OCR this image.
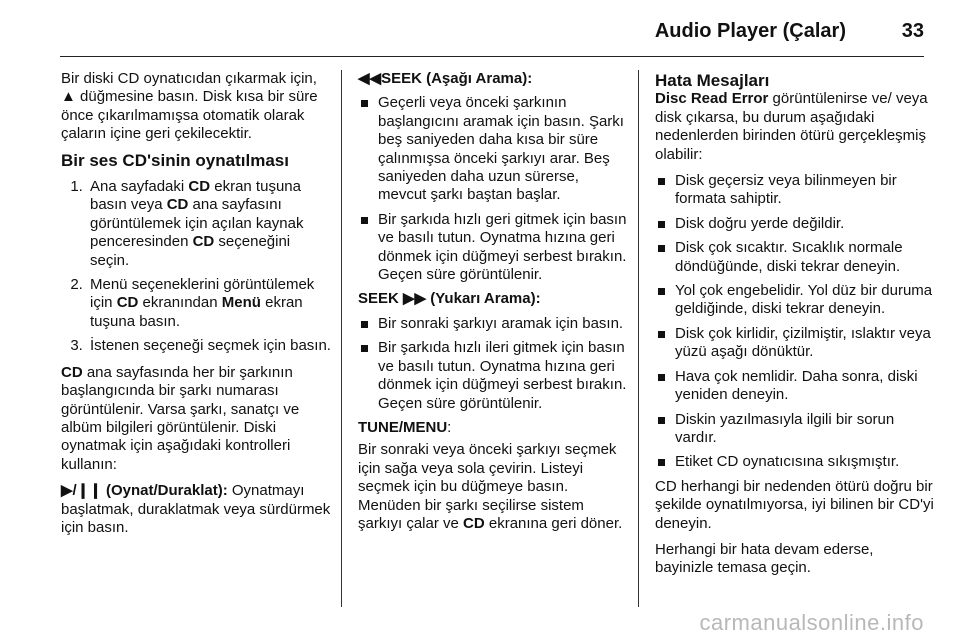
Audio Player (Çalar)	33

Bir diski CD oynatıcıdan çıkarmak için, ▲ düğmesine basın. Disk kısa bir süre önce çıkarılmamışsa otomatik olarak çaların içine geri çekilecektir.

Bir ses CD'sinin oynatılması
1. Ana sayfadaki CD ekran tuşuna basın veya CD ana sayfasını görüntülemek için açılan kaynak penceresinden CD seçeneğini seçin.
2. Menü seçeneklerini görüntülemek için CD ekranından Menü ekran tuşuna basın.
3. İstenen seçeneği seçmek için basın.

CD ana sayfasında her bir şarkının başlangıcında bir şarkı numarası görüntülenir. Varsa şarkı, sanatçı ve albüm bilgileri görüntülenir. Diski oynatmak için aşağıdaki kontrolleri kullanın:

▶/❙❙ (Oynat/Duraklat): Oynatmayı başlatmak, duraklatmak veya sürdürmek için basın.

◀◀SEEK (Aşağı Arama):
Geçerli veya önceki şarkının başlangıcını aramak için basın. Şarkı beş saniyeden daha kısa bir süre çalınmışsa önceki şarkıyı arar. Beş saniyeden daha uzun sürerse, mevcut şarkı baştan başlar.
Bir şarkıda hızlı geri gitmek için basın ve basılı tutun. Oynatma hızına geri dönmek için düğmeyi serbest bırakın. Geçen süre görüntülenir.
SEEK ▶▶ (Yukarı Arama):
Bir sonraki şarkıyı aramak için basın.
Bir şarkıda hızlı ileri gitmek için basın ve basılı tutun. Oynatma hızına geri dönmek için düğmeyi serbest bırakın. Geçen süre görüntülenir.

TUNE/MENU:

Bir sonraki veya önceki şarkıyı seçmek için sağa veya sola çevirin. Listeyi seçmek için bu düğmeye basın. Menüden bir şarkı seçilirse sistem şarkıyı çalar ve CD ekranına geri döner.

Hata Mesajları

Disc Read Error görüntülenirse ve/ veya disk çıkarsa, bu durum aşağıdaki nedenlerden birinden ötürü gerçekleşmiş olabilir:

Disk geçersiz veya bilinmeyen bir formata sahiptir.
Disk doğru yerde değildir.
Disk çok sıcaktır. Sıcaklık normale döndüğünde, diski tekrar deneyin.
Yol çok engebelidir. Yol düz bir duruma geldiğinde, diski tekrar deneyin.
Disk çok kirlidir, çizilmiştir, ıslaktır veya yüzü aşağı dönüktür.
Hava çok nemlidir. Daha sonra, diski yeniden deneyin.
Diskin yazılmasıyla ilgili bir sorun vardır.
Etiket CD oynatıcısına sıkışmıştır.

CD herhangi bir nedenden ötürü doğru bir şekilde oynatılmıyorsa, iyi bilinen bir CD'yi deneyin.

Herhangi bir hata devam ederse, bayinizle temasa geçin.

carmanualsonline.info
